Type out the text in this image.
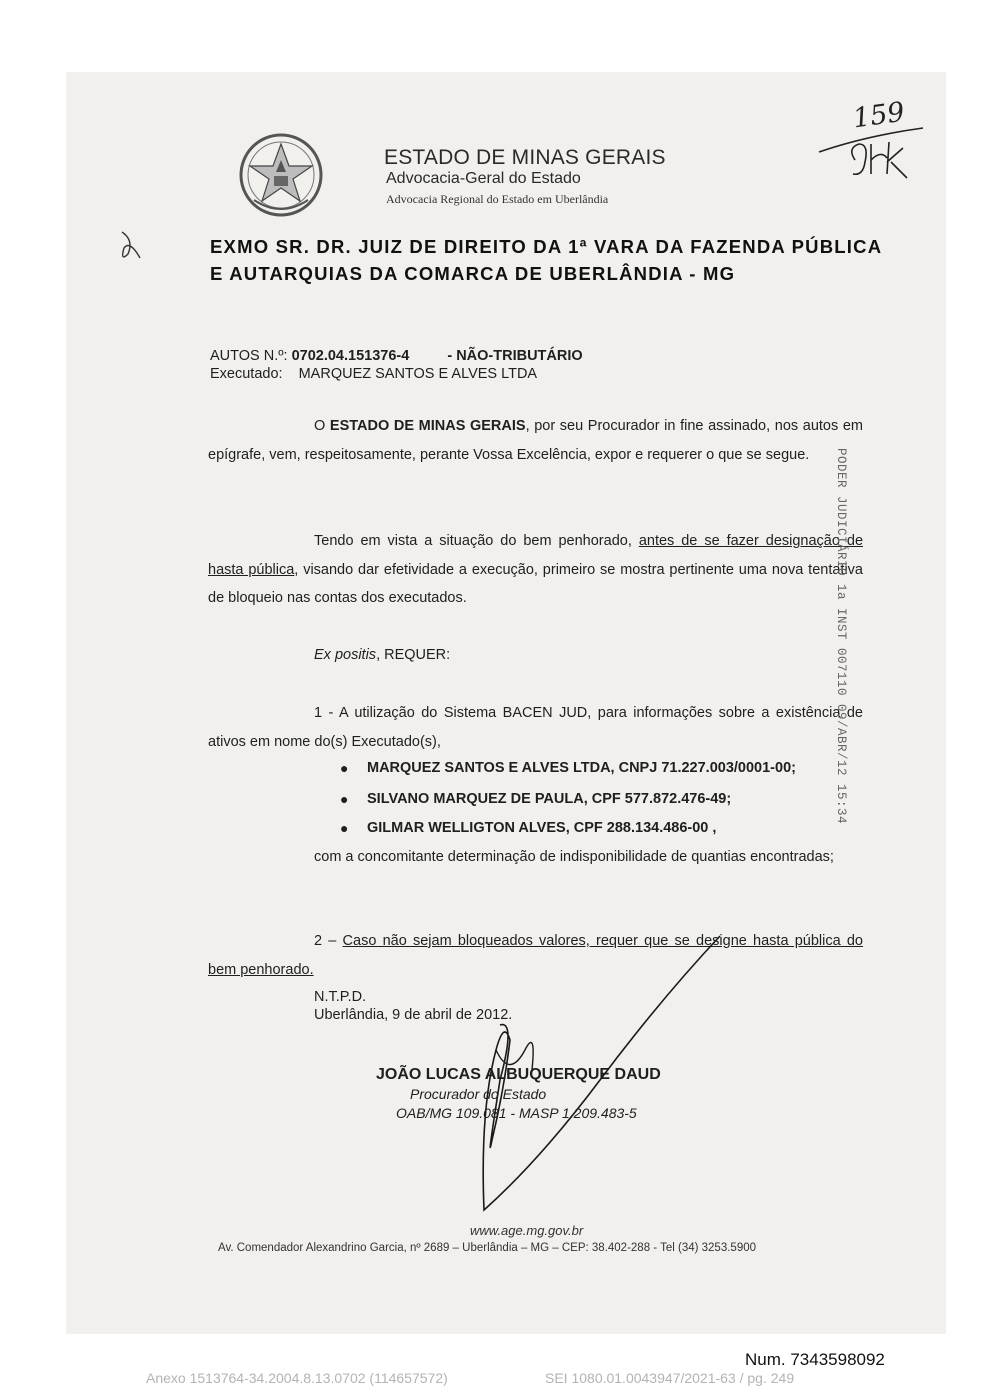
ESTADO DE MINAS GERAIS
Advocacia-Geral do Estado
Advocacia Regional do Estado em Uberlândia
159
EXMO SR. DR. JUIZ DE DIREITO DA 1ª VARA DA FAZENDA PÚBLICA E AUTARQUIAS DA COMARCA DE UBERLÂNDIA - MG
AUTOS N.º: 0702.04.151376-4	- NÃO-TRIBUTÁRIO
Executado: MARQUEZ SANTOS E ALVES LTDA
O ESTADO DE MINAS GERAIS, por seu Procurador in fine assinado, nos autos em epígrafe, vem, respeitosamente, perante Vossa Excelência, expor e requerer o que se segue.
Tendo em vista a situação do bem penhorado, antes de se fazer designação de hasta pública, visando dar efetividade a execução, primeiro se mostra pertinente uma nova tentativa de bloqueio nas contas dos executados.
Ex positis, REQUER:
1 - A utilização do Sistema BACEN JUD, para informações sobre a existência de ativos em nome do(s) Executado(s),
● MARQUEZ SANTOS E ALVES LTDA, CNPJ 71.227.003/0001-00;
● SILVANO MARQUEZ DE PAULA, CPF 577.872.476-49;
● GILMAR WELLIGTON ALVES, CPF 288.134.486-00 ,
com a concomitante determinação de indisponibilidade de quantias encontradas;
2 – Caso não sejam bloqueados valores, requer que se designe hasta pública do bem penhorado.
N.T.P.D.
Uberlândia, 9 de abril de 2012.
JOÃO LUCAS ALBUQUERQUE DAUD
Procurador do Estado
OAB/MG 109.081 - MASP 1.209.483-5
www.age.mg.gov.br
Av. Comendador Alexandrino Garcia, nº 2689 – Uberlândia – MG – CEP: 38.402-288 - Tel (34) 3253.5900
PODER JUDICIÁRIO 1a INST 007110 09/ABR/12 15:34
Num. 7343598092
Anexo 1513764-34.2004.8.13.0702 (114657572)	SEI 1080.01.0043947/2021-63 / pg. 249
